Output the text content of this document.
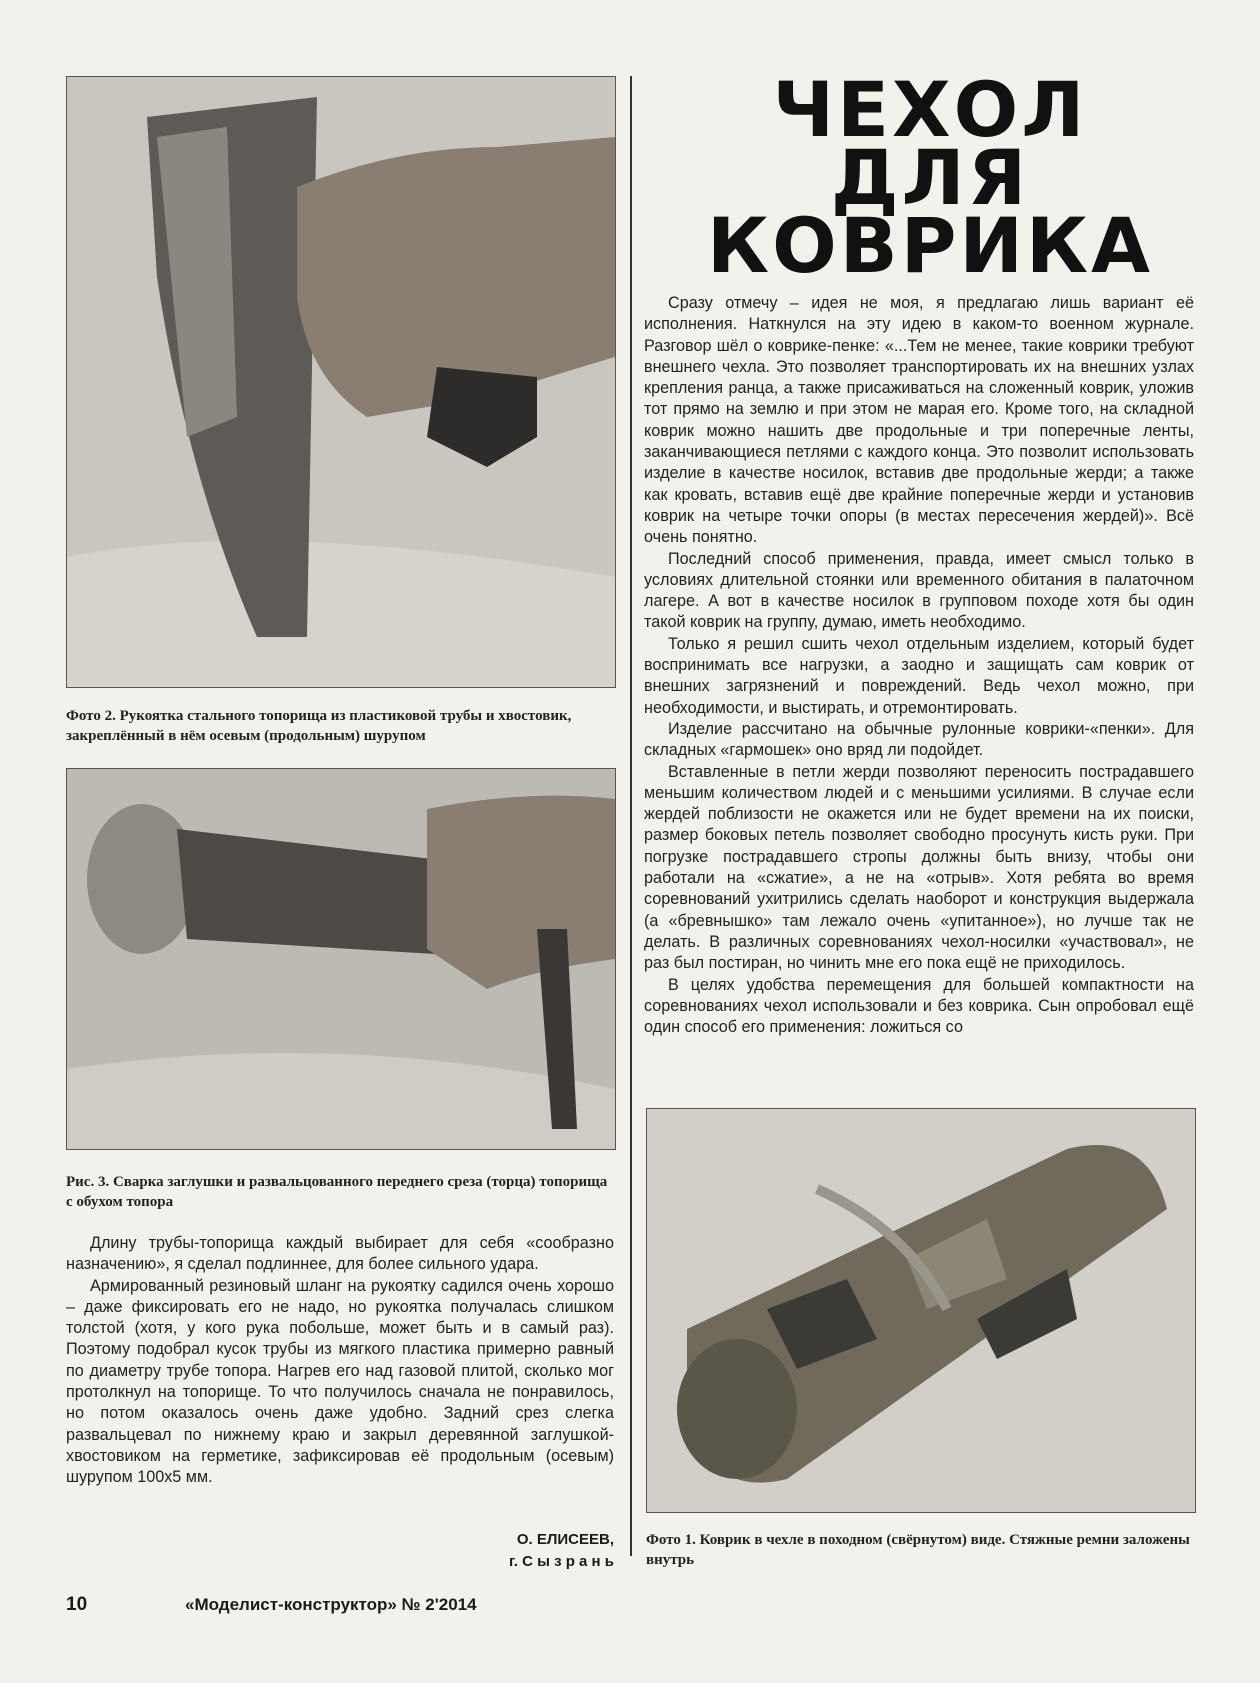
Фото 2. Рукоятка стального топорища из пластиковой трубы и хвостовик, закреплённый в нём осевым (продольным) шурупом
Рис. 3. Сварка заглушки и развальцованного переднего среза (торца) топорища с обухом топора

Длину трубы-топорища каждый выбирает для себя «сообразно назначению», я сделал подлиннее, для более сильного удара.

Армированный резиновый шланг на рукоятку садился очень хорошо – даже фиксировать его не надо, но рукоятка получалась слишком толстой (хотя, у кого рука побольше, может быть и в самый раз). Поэтому подобрал кусок трубы из мягкого пластика примерно равный по диаметру трубе топора. Нагрев его над газовой плитой, сколько мог протолкнул на топорище. То что получилось сначала не понравилось, но потом оказалось очень даже удобно. Задний срез слегка развальцевал по нижнему краю и закрыл деревянной заглушкой-хвостовиком на герметике, зафиксировав её продольным (осевым) шурупом 100х5 мм.

О. ЕЛИСЕЕВ,
г. С ы з р а н ь
ЧЕХОЛ
ДЛЯ
КОВРИКА

Сразу отмечу – идея не моя, я предлагаю лишь вариант её исполнения. Наткнулся на эту идею в каком-то военном журнале. Разговор шёл о коврике-пенке: «...Тем не менее, такие коврики требуют внешнего чехла. Это позволяет транспортировать их на внешних узлах крепления ранца, а также присаживаться на сложенный коврик, уложив тот прямо на землю и при этом не марая его. Кроме того, на складной коврик можно нашить две продольные и три поперечные ленты, заканчивающиеся петлями с каждого конца. Это позволит использовать изделие в качестве носилок, вставив две продольные жерди; а также как кровать, вставив ещё две крайние поперечные жерди и установив коврик на четыре точки опоры (в местах пересечения жердей)». Всё очень понятно.

Последний способ применения, правда, имеет смысл только в условиях длительной стоянки или временного обитания в палаточном лагере. А вот в качестве носилок в групповом походе хотя бы один такой коврик на группу, думаю, иметь необходимо.

Только я решил сшить чехол отдельным изделием, который будет воспринимать все нагрузки, а заодно и защищать сам коврик от внешних загрязнений и повреждений. Ведь чехол можно, при необходимости, и выстирать, и отремонтировать.

Изделие рассчитано на обычные рулонные коврики-«пенки». Для складных «гармошек» оно вряд ли подойдет.

Вставленные в петли жерди позволяют переносить пострадавшего меньшим количеством людей и с меньшими усилиями. В случае если жердей поблизости не окажется или не будет времени на их поиски, размер боковых петель позволяет свободно просунуть кисть руки. При погрузке пострадавшего стропы должны быть внизу, чтобы они работали на «сжатие», а не на «отрыв». Хотя ребята во время соревнований ухитрились сделать наоборот и конструкция выдержала (а «бревнышко» там лежало очень «упитанное»), но лучше так не делать. В различных соревнованиях чехол-носилки «участвовал», не раз был постиран, но чинить мне его пока ещё не приходилось.

В целях удобства перемещения для большей компактности на соревнованиях чехол использовали и без коврика. Сын опробовал ещё один способ его применения: ложиться со

Фото 1. Коврик в чехле в походном (свёрнутом) виде. Стяжные ремни заложены внутрь
10	«Моделист-конструктор» № 2'2014
